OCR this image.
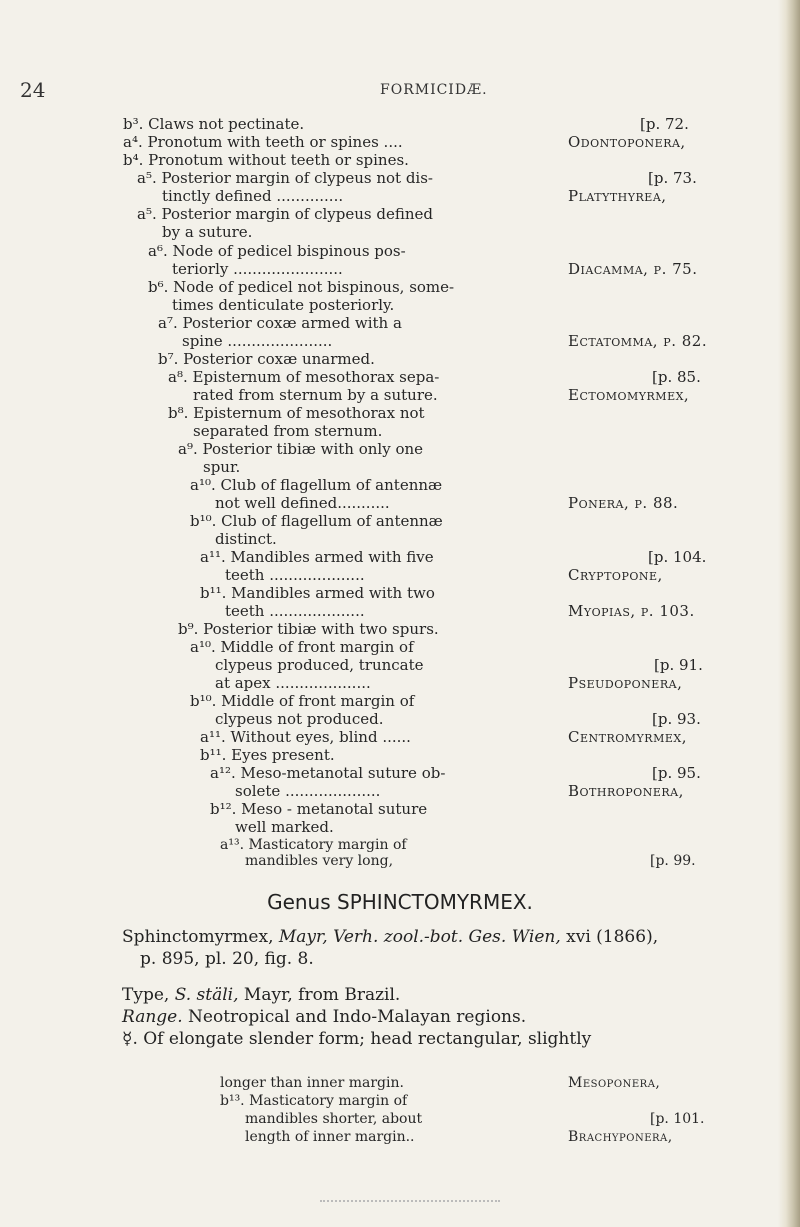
24	FORMICIDÆ.
b³. Claws not pectinate.	[p. 72.
a⁴. Pronotum with teeth or spines ....	Odontoponera,
b⁴. Pronotum without teeth or spines.
a⁵. Posterior margin of clypeus not dis-	[p. 73.
tinctly defined ..............	Platythyrea,
a⁵. Posterior margin of clypeus defined
by a suture.
a⁶. Node of pedicel bispinous pos-
teriorly .......................	Diacamma, p. 75.
b⁶. Node of pedicel not bispinous, some-
times denticulate posteriorly.
a⁷. Posterior coxæ armed with a
spine ......................	Ectatomma, p. 82.
b⁷. Posterior coxæ unarmed.
a⁸. Episternum of mesothorax sepa-	[p. 85.
rated from sternum by a suture.	Ectomomyrmex,
b⁸. Episternum of mesothorax not
separated from sternum.
a⁹. Posterior tibiæ with only one
spur.
a¹⁰. Club of flagellum of antennæ
not well defined...........	Ponera, p. 88.
b¹⁰. Club of flagellum of antennæ
distinct.
a¹¹. Mandibles armed with five	[p. 104.
teeth ....................	Cryptopone,
b¹¹. Mandibles armed with two
teeth ....................	Myopias, p. 103.
b⁹. Posterior tibiæ with two spurs.
a¹⁰. Middle of front margin of
clypeus produced, truncate	[p. 91.
at apex ....................	Pseudoponera,
b¹⁰. Middle of front margin of
clypeus not produced.	[p. 93.
a¹¹. Without eyes, blind ......	Centromyrmex,
b¹¹. Eyes present.
a¹². Meso-metanotal suture ob-	[p. 95.
solete ....................	Bothroponera,
b¹². Meso - metanotal suture
well marked.
a¹³. Masticatory margin of
mandibles very long,	[p. 99.
Genus SPHINCTOMYRMEX.
Sphinctomyrmex, Mayr, Verh. zool.-bot. Ges. Wien, xvi (1866),
p. 895, pl. 20, fig. 8.
Type, S. stäli, Mayr, from Brazil.
Range. Neotropical and Indo-Malayan regions.
☿. Of elongate slender form; head rectangular, slightly
longer than inner margin.	Mesoponera,
b¹³. Masticatory margin of
mandibles shorter, about	[p. 101.
length of inner margin..	Brachyponera,
